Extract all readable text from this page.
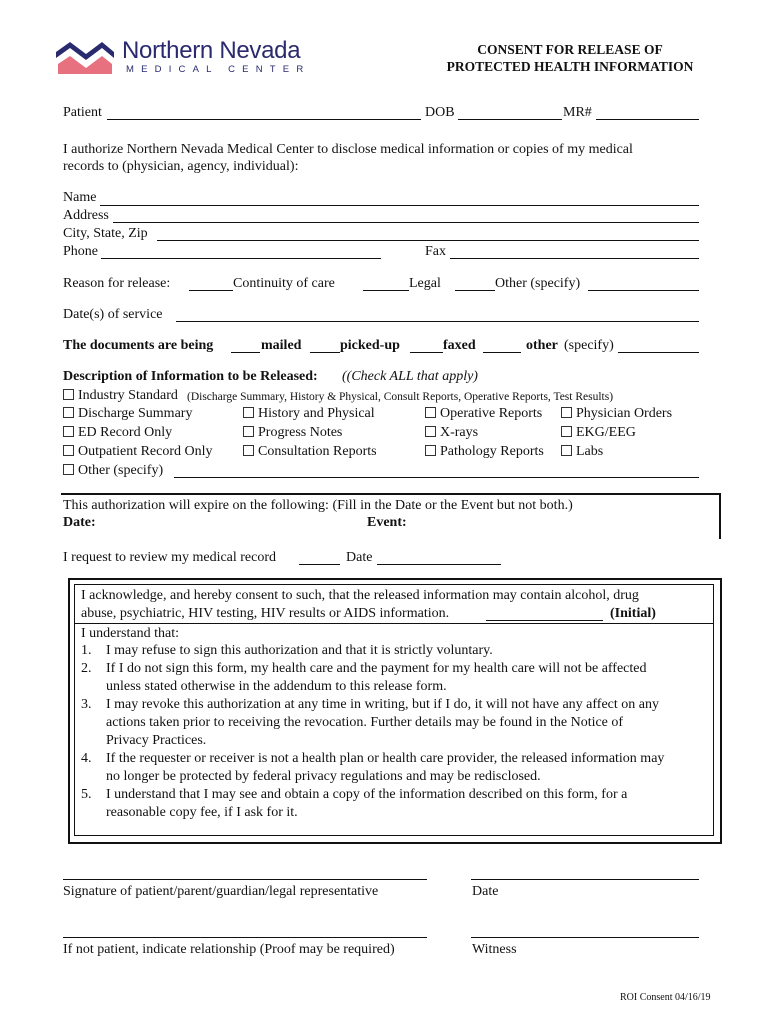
Northern Nevada
MEDICAL CENTER
CONSENT FOR RELEASE OF
PROTECTED HEALTH INFORMATION
Patient	DOB	MR#
I authorize Northern Nevada Medical Center to disclose medical information or copies of my medical
records to (physician, agency, individual):
Name
Address
City, State, Zip
Phone	Fax
Reason for release:	Continuity of care	Legal	Other (specify)
Date(s) of service
The documents are being	mailed	picked-up	faxed	other (specify)
Description of Information to be Released: ((Check ALL that apply)
Industry Standard (Discharge Summary, History & Physical, Consult Reports, Operative Reports, Test Results)
Discharge Summary	History and Physical	Operative Reports	Physician Orders
ED Record Only	Progress Notes	X-rays	EKG/EEG
Outpatient Record Only	Consultation Reports	Pathology Reports	Labs
Other (specify)
This authorization will expire on the following: (Fill in the Date or the Event but not both.)
Date:	Event:
I request to review my medical record	Date
I acknowledge, and hereby consent to such, that the released information may contain alcohol, drug
abuse, psychiatric, HIV testing, HIV results or AIDS information.	(Initial)
I understand that:
1. I may refuse to sign this authorization and that it is strictly voluntary.
2. If I do not sign this form, my health care and the payment for my health care will not be affected
unless stated otherwise in the addendum to this release form.
3. I may revoke this authorization at any time in writing, but if I do, it will not have any affect on any
actions taken prior to receiving the revocation. Further details may be found in the Notice of
Privacy Practices.
4. If the requester or receiver is not a health plan or health care provider, the released information may
no longer be protected by federal privacy regulations and may be redisclosed.
5. I understand that I may see and obtain a copy of the information described on this form, for a
reasonable copy fee, if I ask for it.
Signature of patient/parent/guardian/legal representative	Date
If not patient, indicate relationship (Proof may be required)	Witness
ROI Consent 04/16/19
